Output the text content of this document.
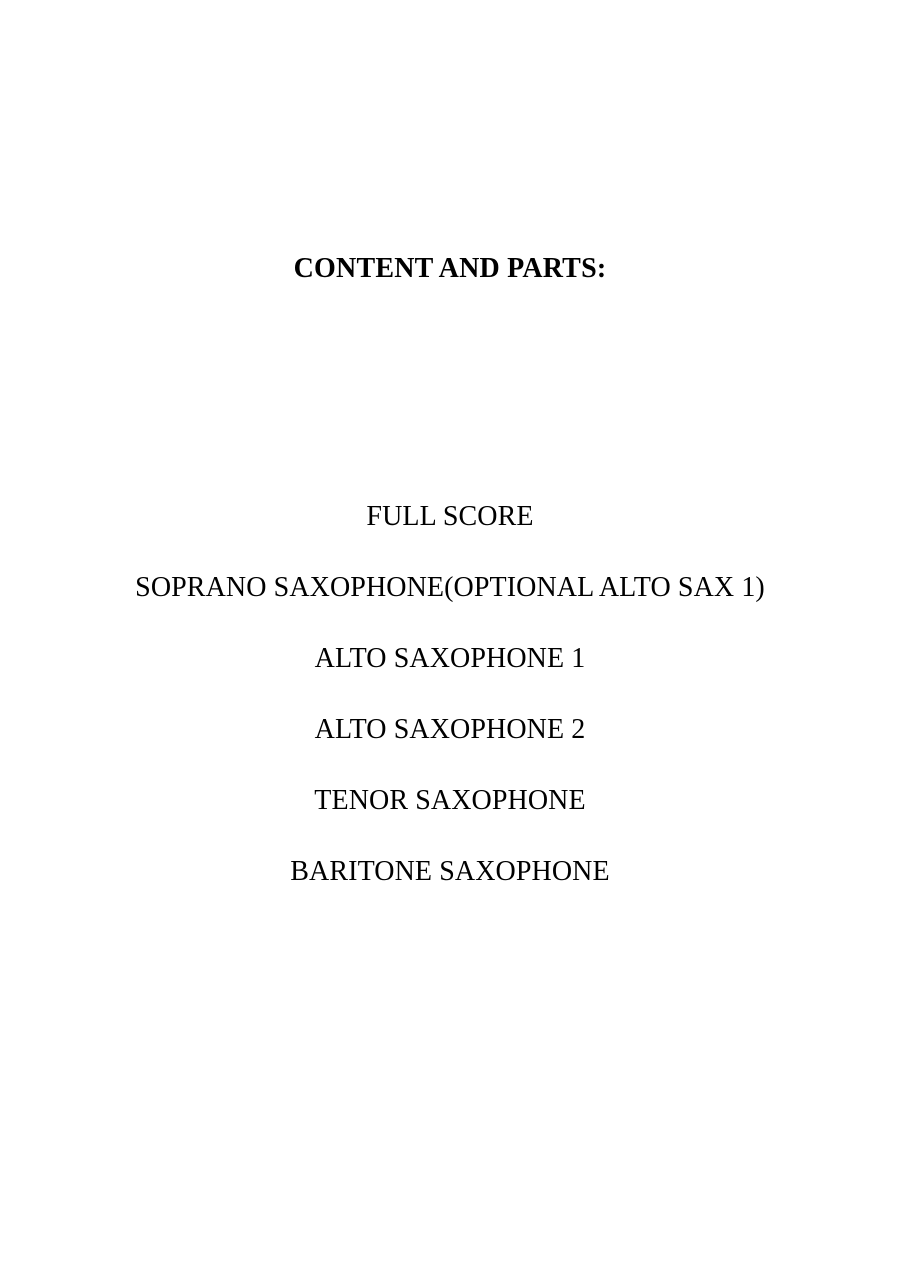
CONTENT AND PARTS:
FULL SCORE
SOPRANO SAXOPHONE(OPTIONAL ALTO SAX 1)
ALTO SAXOPHONE 1
ALTO SAXOPHONE 2
TENOR SAXOPHONE
BARITONE SAXOPHONE
